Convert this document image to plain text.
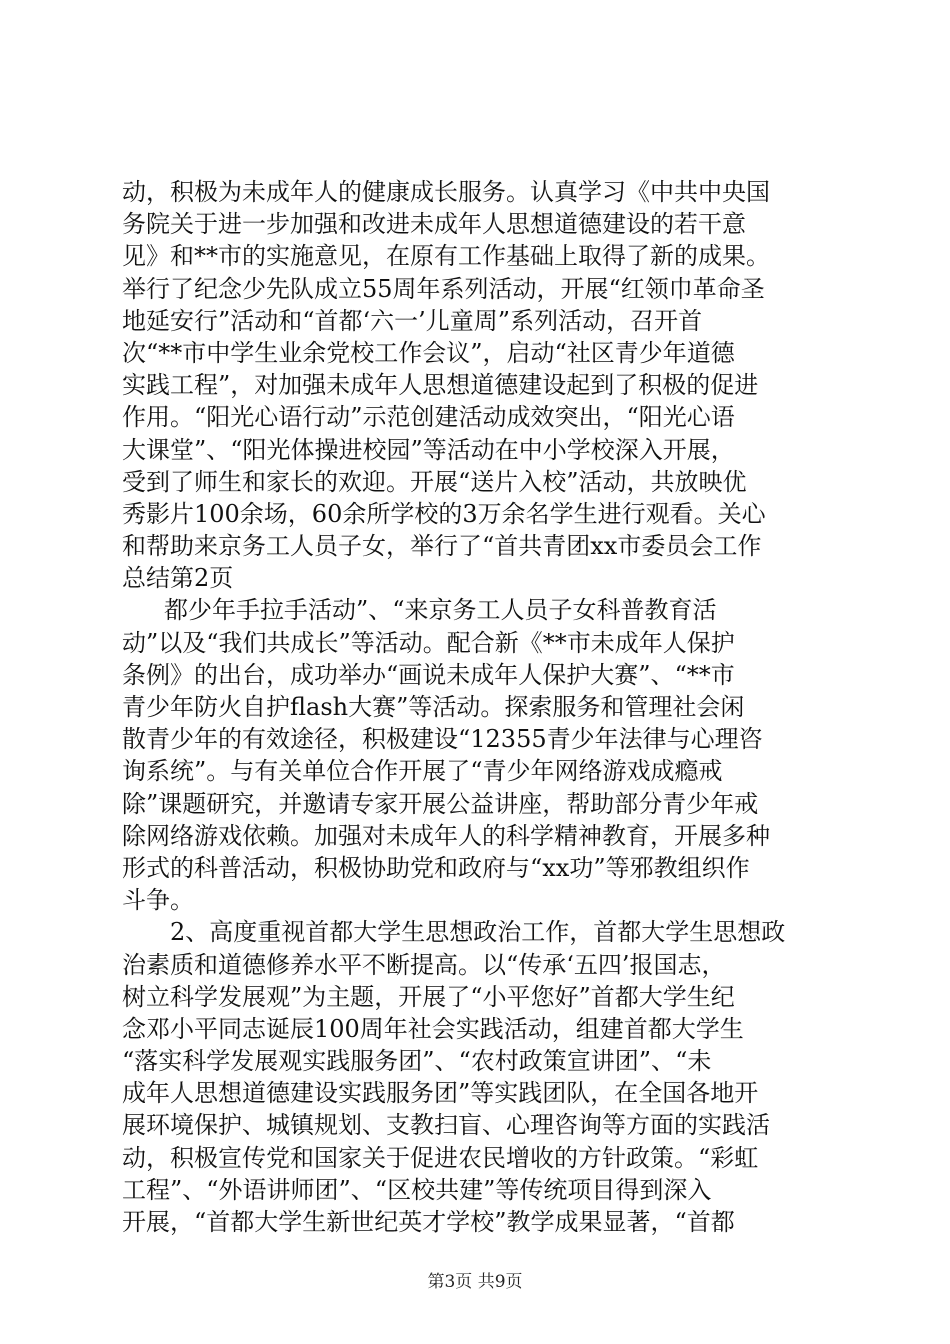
动，积极为未成年人的健康成长服务。认真学习《中共中央国
务院关于进一步加强和改进未成年人思想道德建设的若干意
见》和**市的实施意见，在原有工作基础上取得了新的成果。
举行了纪念少先队成立55周年系列活动，开展“红领巾革命圣
地延安行”活动和“首都‘六一’儿童周”系列活动，召开首
次“**市中学生业余党校工作会议”，启动“社区青少年道德
实践工程”，对加强未成年人思想道德建设起到了积极的促进
作用。“阳光心语行动”示范创建活动成效突出，“阳光心语
大课堂”、“阳光体操进校园”等活动在中小学校深入开展，
受到了师生和家长的欢迎。开展“送片入校”活动，共放映优
秀影片100余场，60余所学校的3万余名学生进行观看。关心
和帮助来京务工人员子女，举行了“首共青团xx市委员会工作
总结第2页
都少年手拉手活动”、“来京务工人员子女科普教育活
动”以及“我们共成长”等活动。配合新《**市未成年人保护
条例》的出台，成功举办“画说未成年人保护大赛”、“**市
青少年防火自护flash大赛”等活动。探索服务和管理社会闲
散青少年的有效途径，积极建设“12355青少年法律与心理咨
询系统”。与有关单位合作开展了“青少年网络游戏成瘾戒
除”课题研究，并邀请专家开展公益讲座，帮助部分青少年戒
除网络游戏依赖。加强对未成年人的科学精神教育，开展多种
形式的科普活动，积极协助党和政府与“xx功”等邪教组织作
斗争。
2、高度重视首都大学生思想政治工作，首都大学生思想政
治素质和道德修养水平不断提高。以“传承‘五四’报国志，
树立科学发展观”为主题，开展了“小平您好”首都大学生纪
念邓小平同志诞辰100周年社会实践活动，组建首都大学生
“落实科学发展观实践服务团”、“农村政策宣讲团”、“未
成年人思想道德建设实践服务团”等实践团队，在全国各地开
展环境保护、城镇规划、支教扫盲、心理咨询等方面的实践活
动，积极宣传党和国家关于促进农民增收的方针政策。“彩虹
工程”、“外语讲师团”、“区校共建”等传统项目得到深入
开展，“首都大学生新世纪英才学校”教学成果显著，“首都
第3页 共9页
